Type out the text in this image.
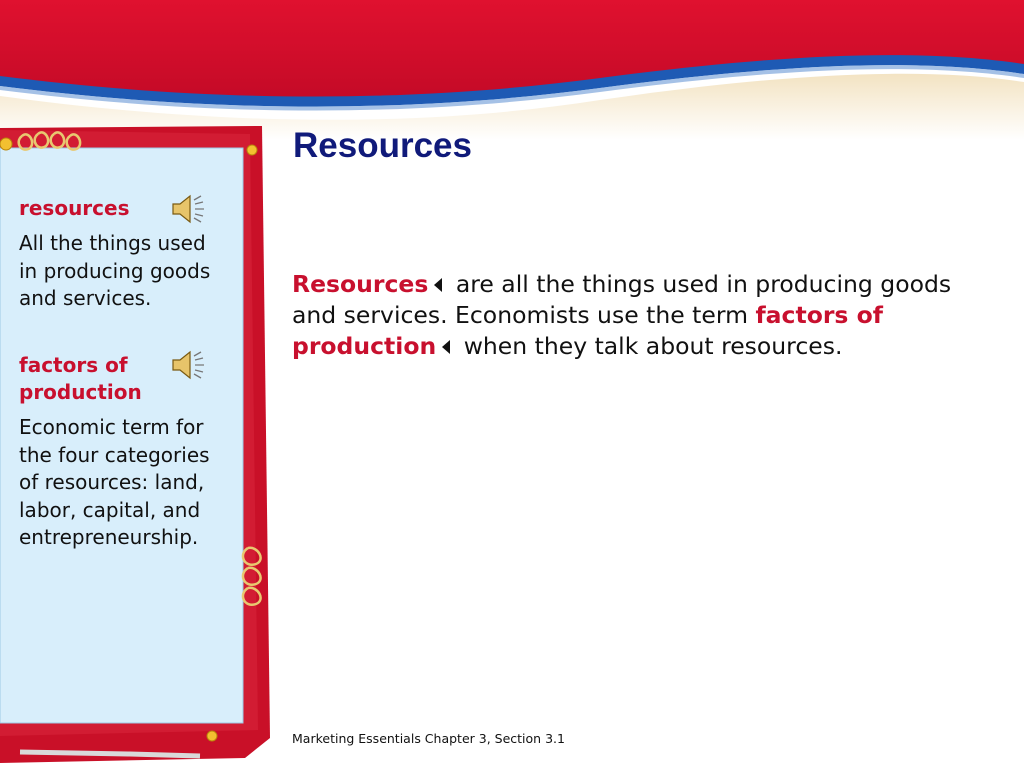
resources
All the things used in producing goods and services.
factors of production
Economic term for the four categories of resources: land, labor, capital, and entrepreneurship.
Resources

Resources are all the things used in producing goods and services. Economists use the term factors of production when they talk about resources.

Marketing Essentials Chapter 3, Section 3.1
